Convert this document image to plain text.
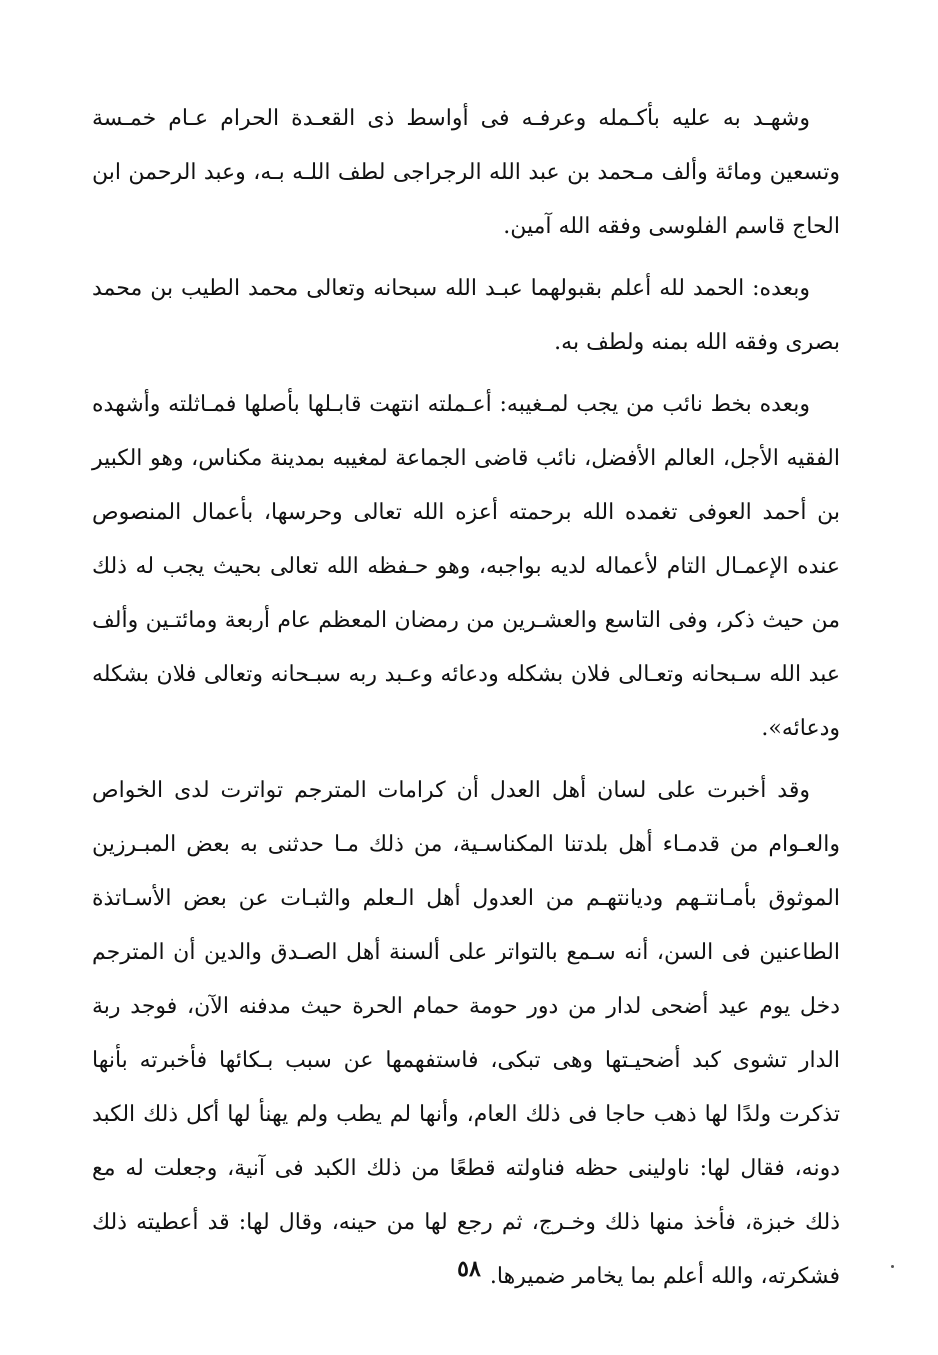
وشهـد به عليه بأكـمله وعرفـه فى أواسط ذى القعـدة الحرام عـام خمـسة وتسعين ومائة وألف مـحمد بن عبد الله الرجراجى لطف اللـه بـه، وعبد الرحمن ابن الحاج قاسم الفلوسى وفقه الله آمين.

وبعده: الحمد لله أعلم بقبولهما عبـد الله سبحانه وتعالى محمد الطيب بن محمد بصرى وفقه الله بمنه ولطف به.

وبعده بخط نائب من يجب لمـغيبه: أعـملته انتهت قابـلها بأصلها فمـاثلته وأشهده الفقيه الأجل، العالم الأفضل، نائب قاضى الجماعة لمغيبه بمدينة مكناس، وهو الكبير بن أحمد العوفى تغمده الله برحمته أعزه الله تعالى وحرسها، بأعمال المنصوص عنده الإعمـال التام لأعماله لديه بواجبه، وهو حـفظه الله تعالى بحيث يجب له ذلك من حيث ذكر، وفى التاسع والعشـرين من رمضان المعظم عام أربعة ومائتـين وألف عبد الله سـبحانه وتعـالى فلان بشكله ودعائه وعـبد ربه سبـحانه وتعالى فلان بشكله ودعائه».

وقد أخبرت على لسان أهل العدل أن كرامات المترجم تواترت لدى الخواص والعـوام من قدمـاء أهل بلدتنا المكناسـية، من ذلك مـا حدثنى به بعض المبـرزين الموثوق بأمـانتـهم وديانتهـم من العدول أهل الـعلم والثبـات عن بعض الأسـاتذة الطاعنين فى السن، أنه سـمع بالتواتر على ألسنة أهل الصـدق والدين أن المترجم دخل يوم عيد أضحى لدار من دور حومة حمام الحرة حيث مدفنه الآن، فوجد ربة الدار تشوى كبد أضحيـتها وهى تبكى، فاستفهمها عن سبب بـكائها فأخبرته بأنها تذكرت ولدًا لها ذهب حاجا فى ذلك العام، وأنها لم يطب ولم يهنأ لها أكل ذلك الكبد دونه، فقال لها: ناولينى حظه فناولته قطعًا من ذلك الكبد فى آنية، وجعلت له مع ذلك خبزة، فأخذ منها ذلك وخـرج، ثم رجع لها من حينه، وقال لها: قد أعطيته ذلك فشكرته، والله أعلم بما يخامر ضميرها.

٥٨
